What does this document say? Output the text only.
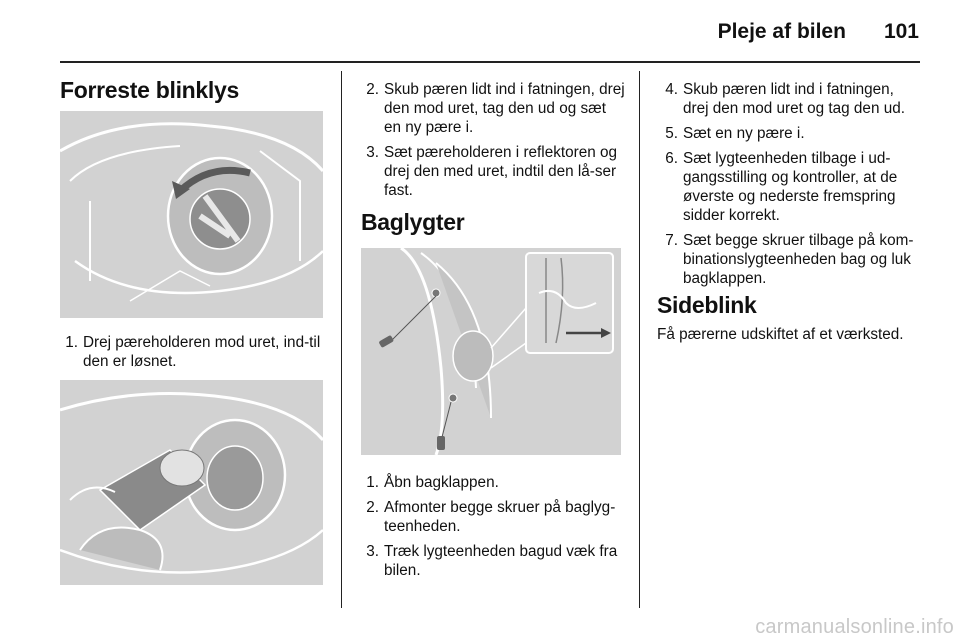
Pleje af bilen 101
Forreste blinklys
1. Drej pæreholderen mod uret, ind-til den er løsnet.
2. Skub pæren lidt ind i fatningen, drej den mod uret, tag den ud og sæt en ny pære i.
3. Sæt pæreholderen i reflektoren og drej den med uret, indtil den lå-ser fast.
Baglygter
1. Åbn bagklappen.
2. Afmonter begge skruer på baglyg-teenheden.
3. Træk lygteenheden bagud væk fra bilen.
4. Skub pæren lidt ind i fatningen, drej den mod uret og tag den ud.
5. Sæt en ny pære i.
6. Sæt lygteenheden tilbage i ud-gangsstilling og kontroller, at de øverste og nederste fremspring sidder korrekt.
7. Sæt begge skruer tilbage på kom-binationslygteenheden bag og luk bagklappen.
Sideblink

Få pærerne udskiftet af et værksted.

carmanualsonline.info
